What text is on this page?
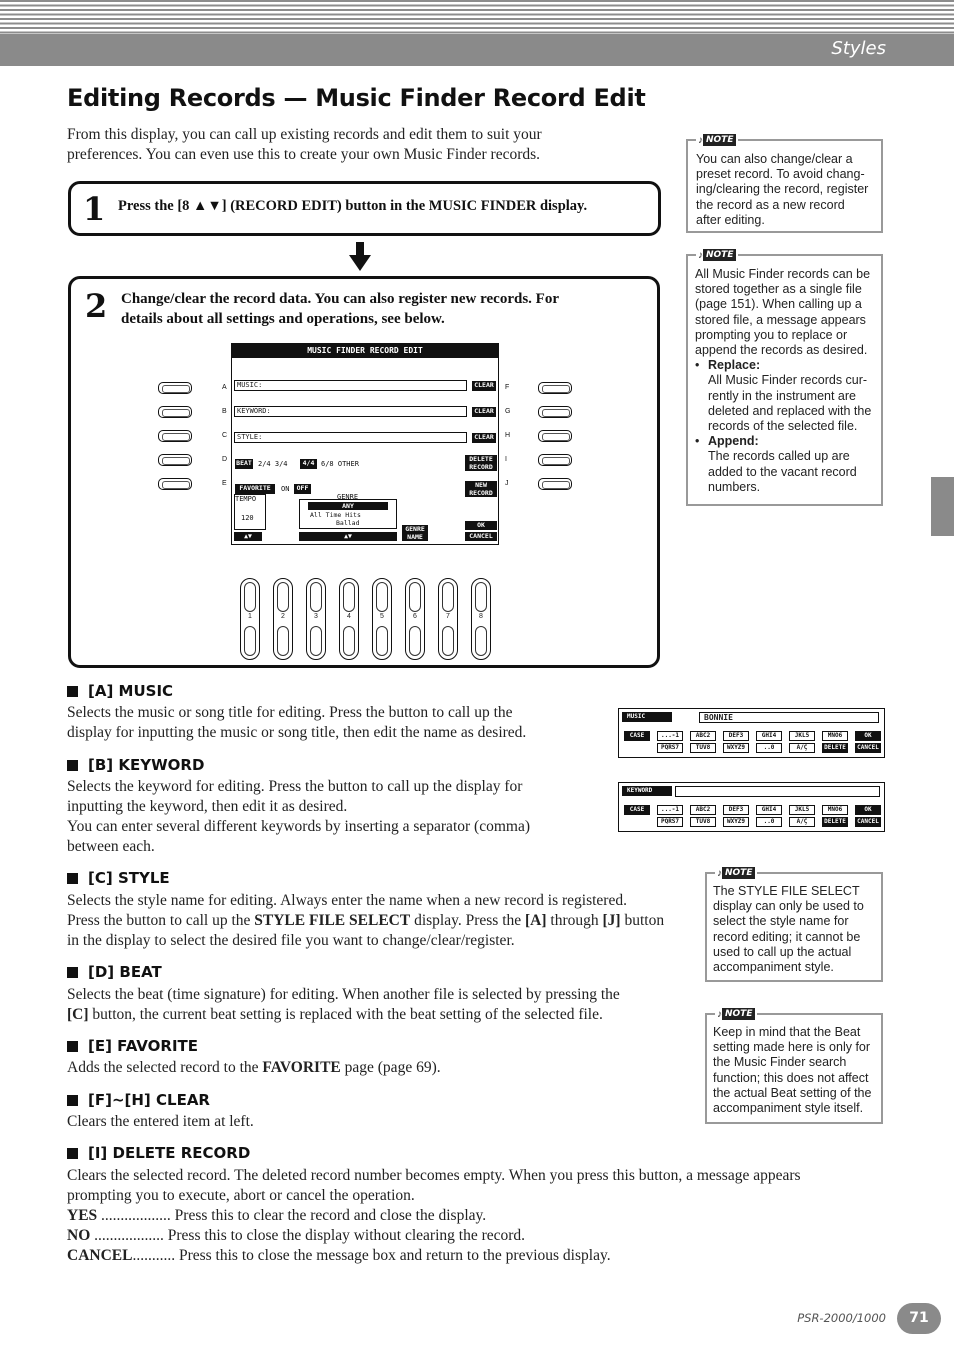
Styles
Editing Records — Music Finder Record Edit
From this display, you can call up existing records and edit them to suit your
preferences. You can even use this to create your own Music Finder records.
1 Press the [8 ▲▼] (RECORD EDIT) button in the MUSIC FINDER display.
2 Change/clear the record data. You can also register new records. For
details about all settings and operations, see below.
MUSIC FINDER RECORD EDIT
MUSIC:	CLEAR
KEYWORD:	CLEAR
STYLE:	CLEAR
BEAT 2/4 3/4	4/4 6/8 OTHER
DELETE
RECORD
NEW
RECORD
FAVORITE	ON	OFF
TEMPO
120
GENRE
ANY
All Time Hits
Ballad
GENRE
NAME
OK
CANCEL
▲▼	▲▼
A
B
C
D
E
F
G
H
I
J
1	2	3	4	5	6	7	8
♪ NOTE
You can also change/clear a
preset record. To avoid chang-
ing/clearing the record, register
the record as a new record
after editing.
♪ NOTE
All Music Finder records can be
stored together as a single file
(page 151). When calling up a
stored file, a message appears
prompting you to replace or
append the records as desired.
• Replace:
All Music Finder records cur-
rently in the instrument are
deleted and replaced with the
records of the selected file.
• Append:
The records called up are
added to the vacant record
numbers.
♪ NOTE
The STYLE FILE SELECT
display can only be used to
select the style name for
record editing; it cannot be
used to call up the actual
accompaniment style.
♪ NOTE
Keep in mind that the Beat
setting made here is only for
the Music Finder search
function; this does not affect
the actual Beat setting of the
accompaniment style itself.
MUSIC	BONNIE
CASE	...-1	ABC2	DEF3	GHI4	JKL5	MNO6	OK
PQRS7	TUV8	WXYZ9	..0	A/Ç	DELETE	CANCEL
KEYWORD
CASE	...-1	ABC2	DEF3	GHI4	JKL5	MNO6	OK
PQRS7	TUV8	WXYZ9	..0	A/Ç	DELETE	CANCEL
[A] MUSIC
Selects the music or song title for editing. Press the button to call up the
display for inputting the music or song title, then edit the name as desired.
[B] KEYWORD
Selects the keyword for editing. Press the button to call up the display for
inputting the keyword, then edit it as desired.
You can enter several different keywords by inserting a separator (comma)
between each.
[C] STYLE
Selects the style name for editing. Always enter the name when a new record is registered.
Press the button to call up the STYLE FILE SELECT display. Press the [A] through [J] button
in the display to select the desired file you want to change/clear/register.
[D] BEAT
Selects the beat (time signature) for editing. When another file is selected by pressing the
[C] button, the current beat setting is replaced with the beat setting of the selected file.
[E] FAVORITE
Adds the selected record to the FAVORITE page (page 69).
[F]~[H] CLEAR
Clears the entered item at left.
[I] DELETE RECORD
Clears the selected record. The deleted record number becomes empty. When you press this button, a message appears
prompting you to execute, abort or cancel the operation.
YES .................. Press this to clear the record and close the display.
NO .................. Press this to close the display without clearing the record.
CANCEL........... Press this to close the message box and return to the previous display.
PSR-2000/1000	71
